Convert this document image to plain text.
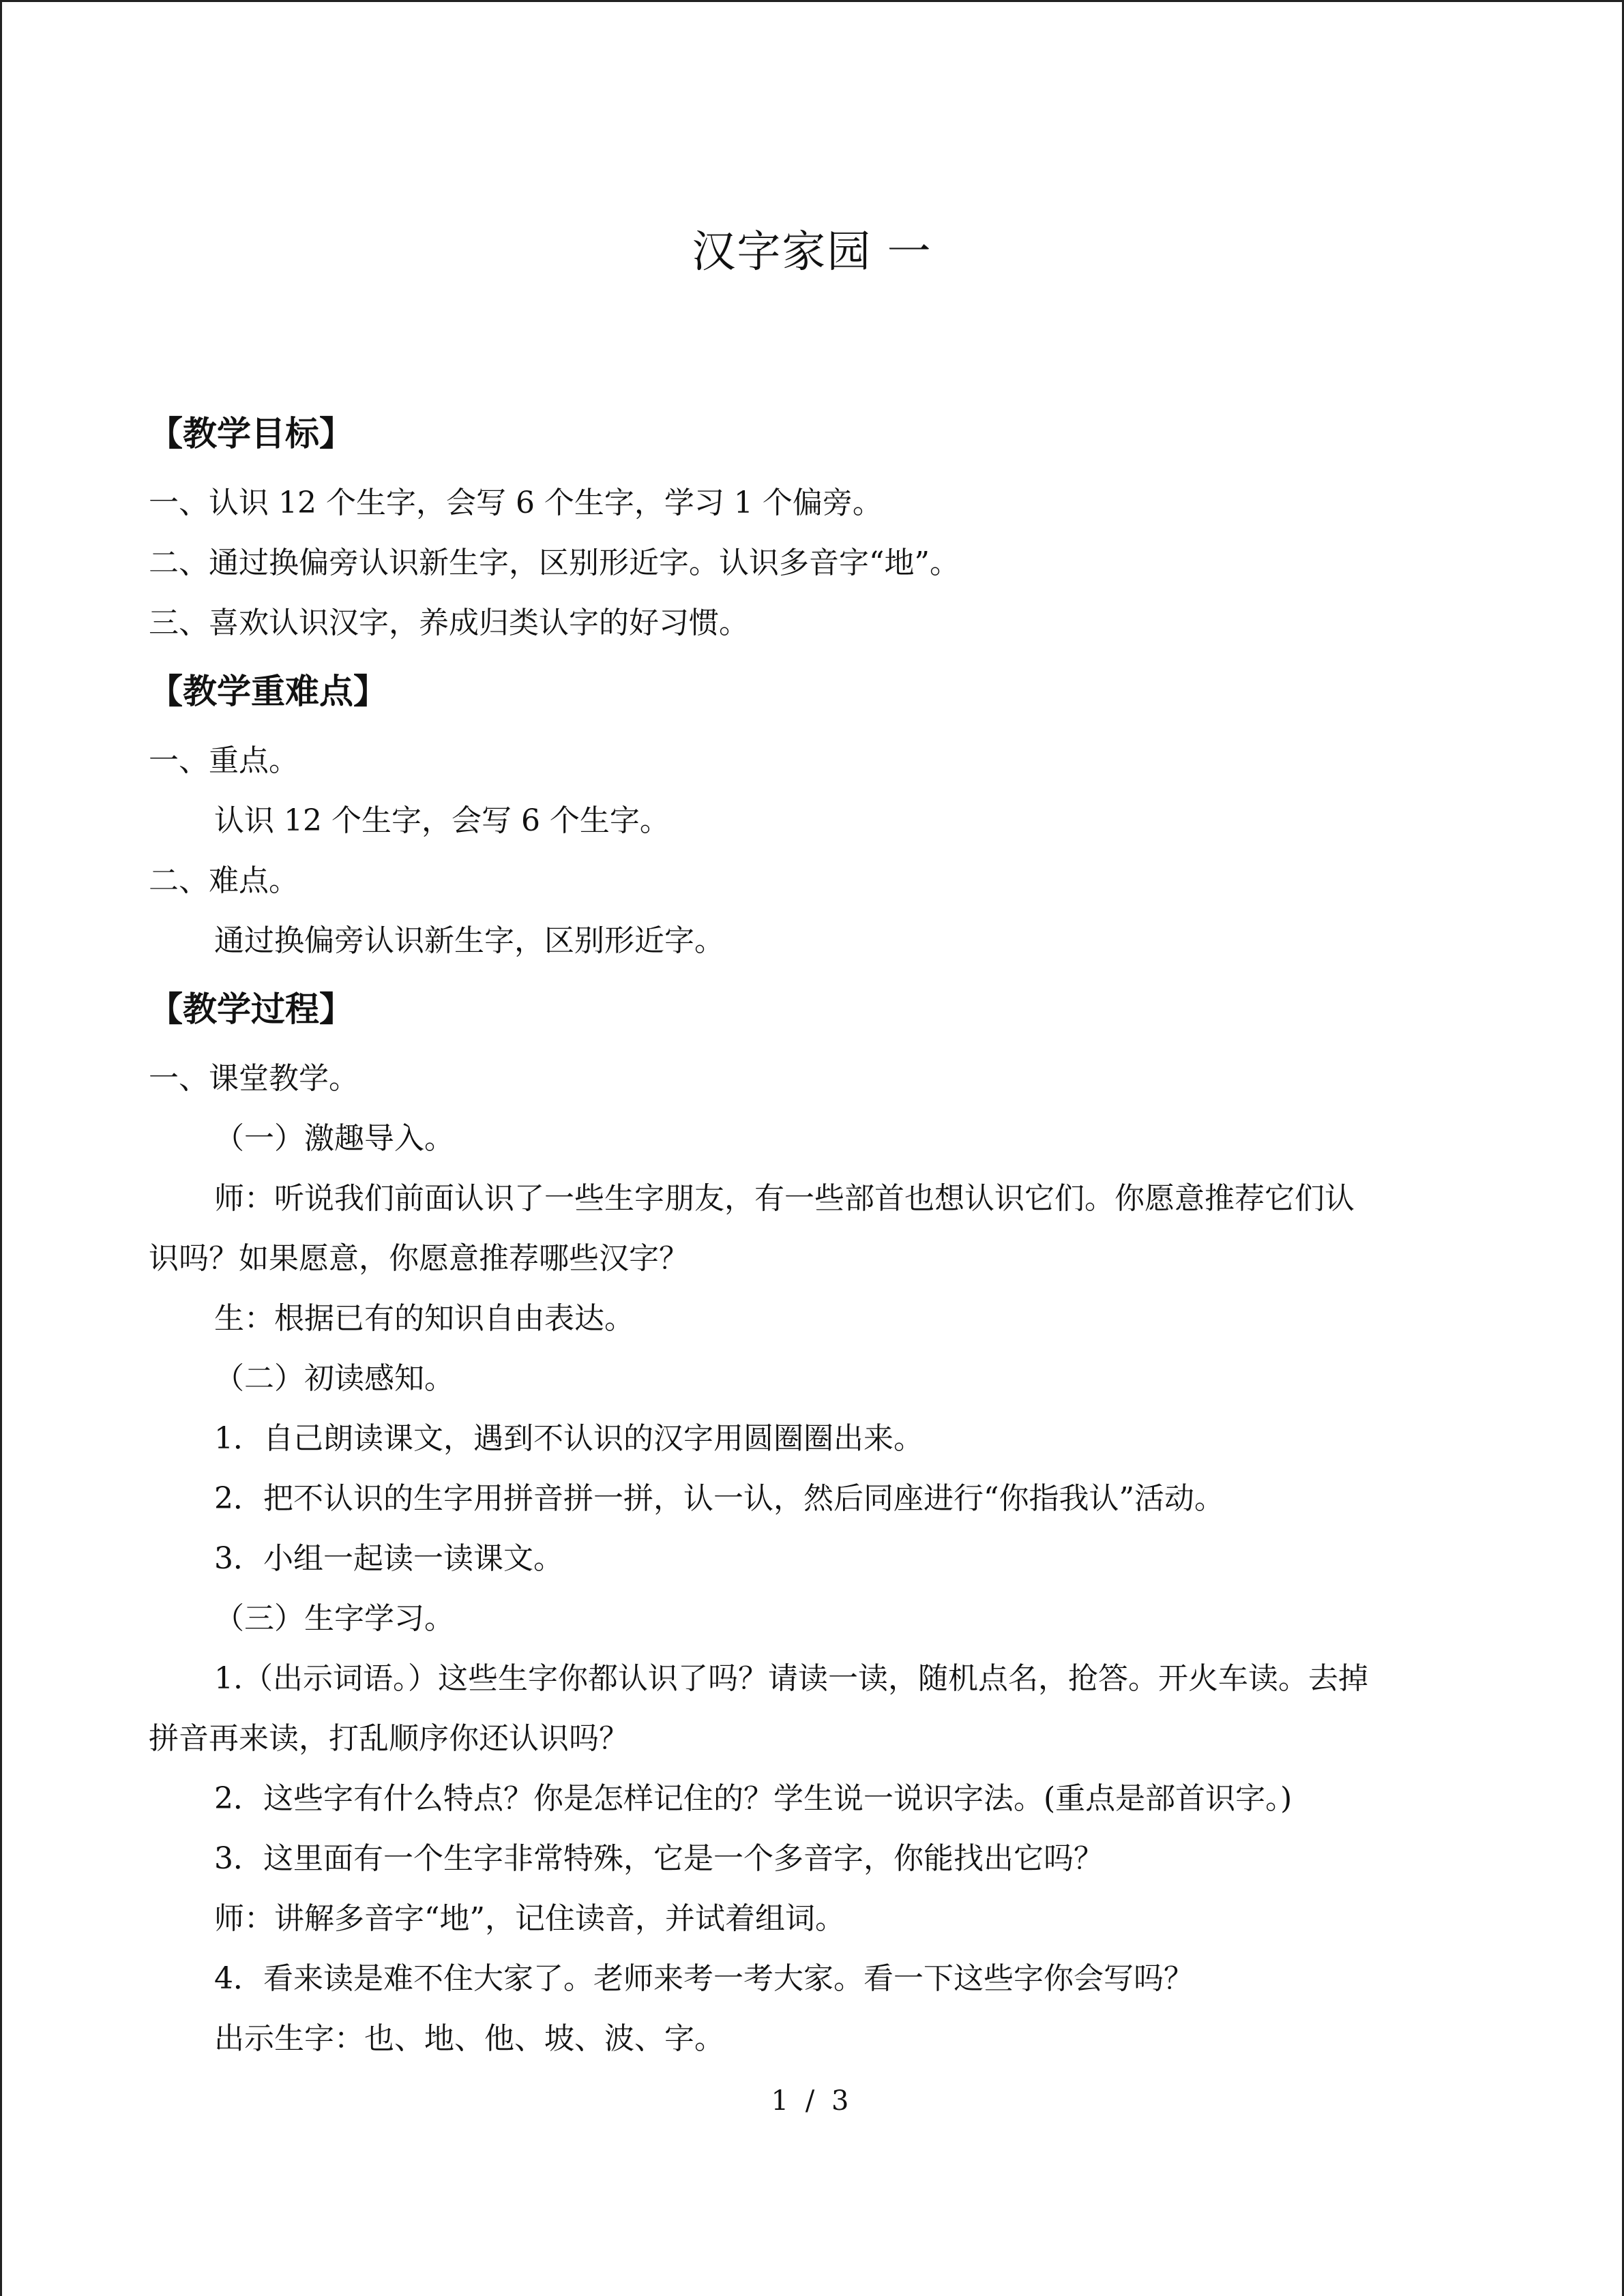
汉字家园 一
【教学目标】
一、认识 12 个生字，会写 6 个生字，学习 1 个偏旁。
二、通过换偏旁认识新生字，区别形近字。认识多音字“地”。
三、喜欢认识汉字，养成归类认字的好习惯。
【教学重难点】
一、重点。
认识 12 个生字，会写 6 个生字。
二、难点。
通过换偏旁认识新生字，区别形近字。
【教学过程】
一、课堂教学。
（一）激趣导入。
师：听说我们前面认识了一些生字朋友，有一些部首也想认识它们。你愿意推荐它们认
识吗？如果愿意，你愿意推荐哪些汉字？
生：根据已有的知识自由表达。
（二）初读感知。
1．自己朗读课文，遇到不认识的汉字用圆圈圈出来。
2．把不认识的生字用拼音拼一拼，认一认，然后同座进行“你指我认”活动。
3．小组一起读一读课文。
（三）生字学习。
1.（出示词语。）这些生字你都认识了吗？请读一读，随机点名，抢答。开火车读。去掉
拼音再来读，打乱顺序你还认识吗？
2．这些字有什么特点？你是怎样记住的？学生说一说识字法。(重点是部首识字。)
3．这里面有一个生字非常特殊，它是一个多音字，你能找出它吗？
师：讲解多音字“地”，记住读音，并试着组词。
4．看来读是难不住大家了。老师来考一考大家。看一下这些字你会写吗？
出示生字：也、地、他、坡、波、字。
1 / 3
